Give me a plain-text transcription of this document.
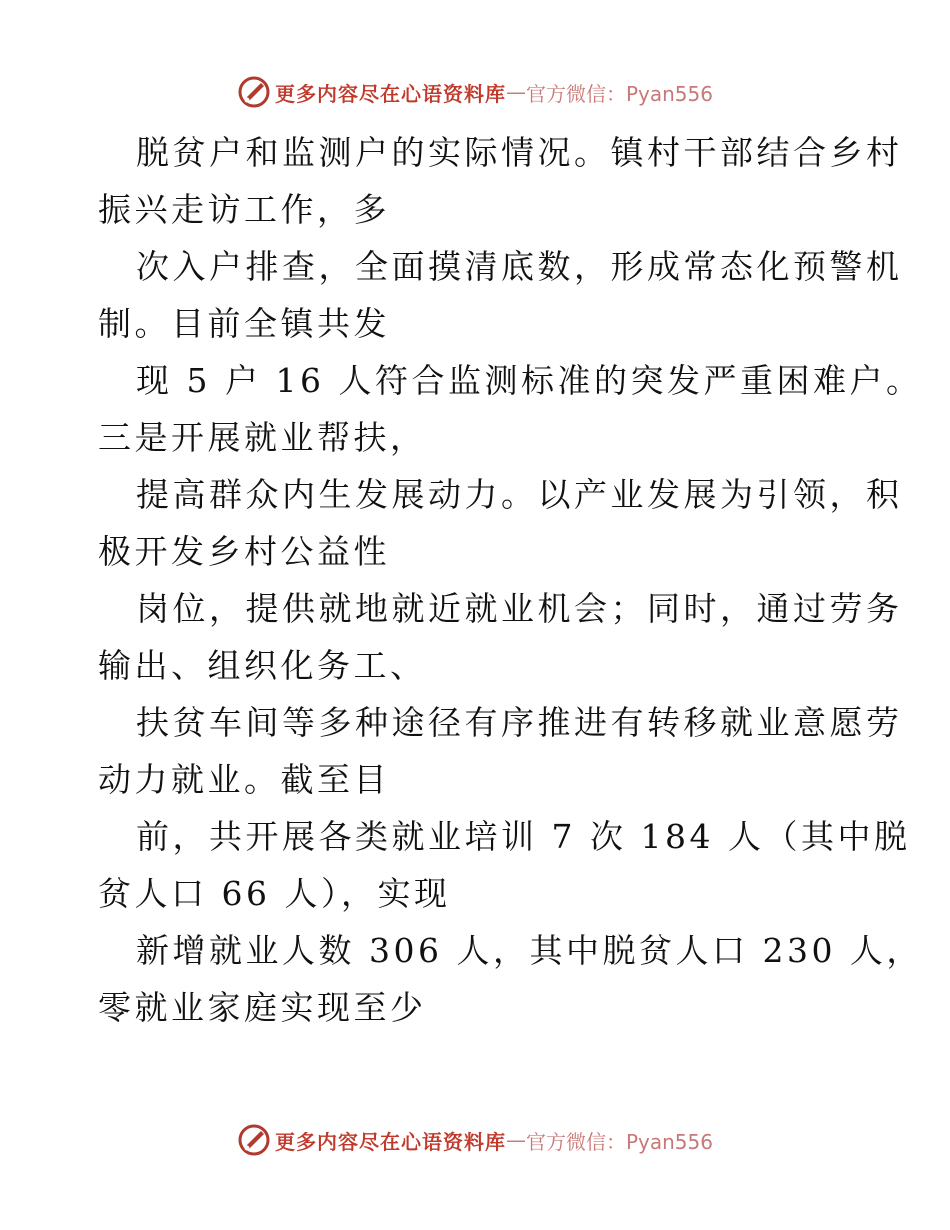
更多内容尽在心语资料库 — 官方微信：Pyan556
脱贫户和监测户的实际情况。镇村干部结合乡村
振兴走访工作，多
次入户排查，全面摸清底数，形成常态化预警机
制。目前全镇共发
现 5 户 16 人符合监测标准的突发严重困难户。
三是开展就业帮扶，
提高群众内生发展动力。以产业发展为引领，积
极开发乡村公益性
岗位，提供就地就近就业机会；同时，通过劳务
输出、组织化务工、
扶贫车间等多种途径有序推进有转移就业意愿劳
动力就业。截至目
前，共开展各类就业培训 7 次 184 人（其中脱
贫人口 66 人），实现
新增就业人数 306 人，其中脱贫人口 230 人，
零就业家庭实现至少
更多内容尽在心语资料库 — 官方微信：Pyan556
